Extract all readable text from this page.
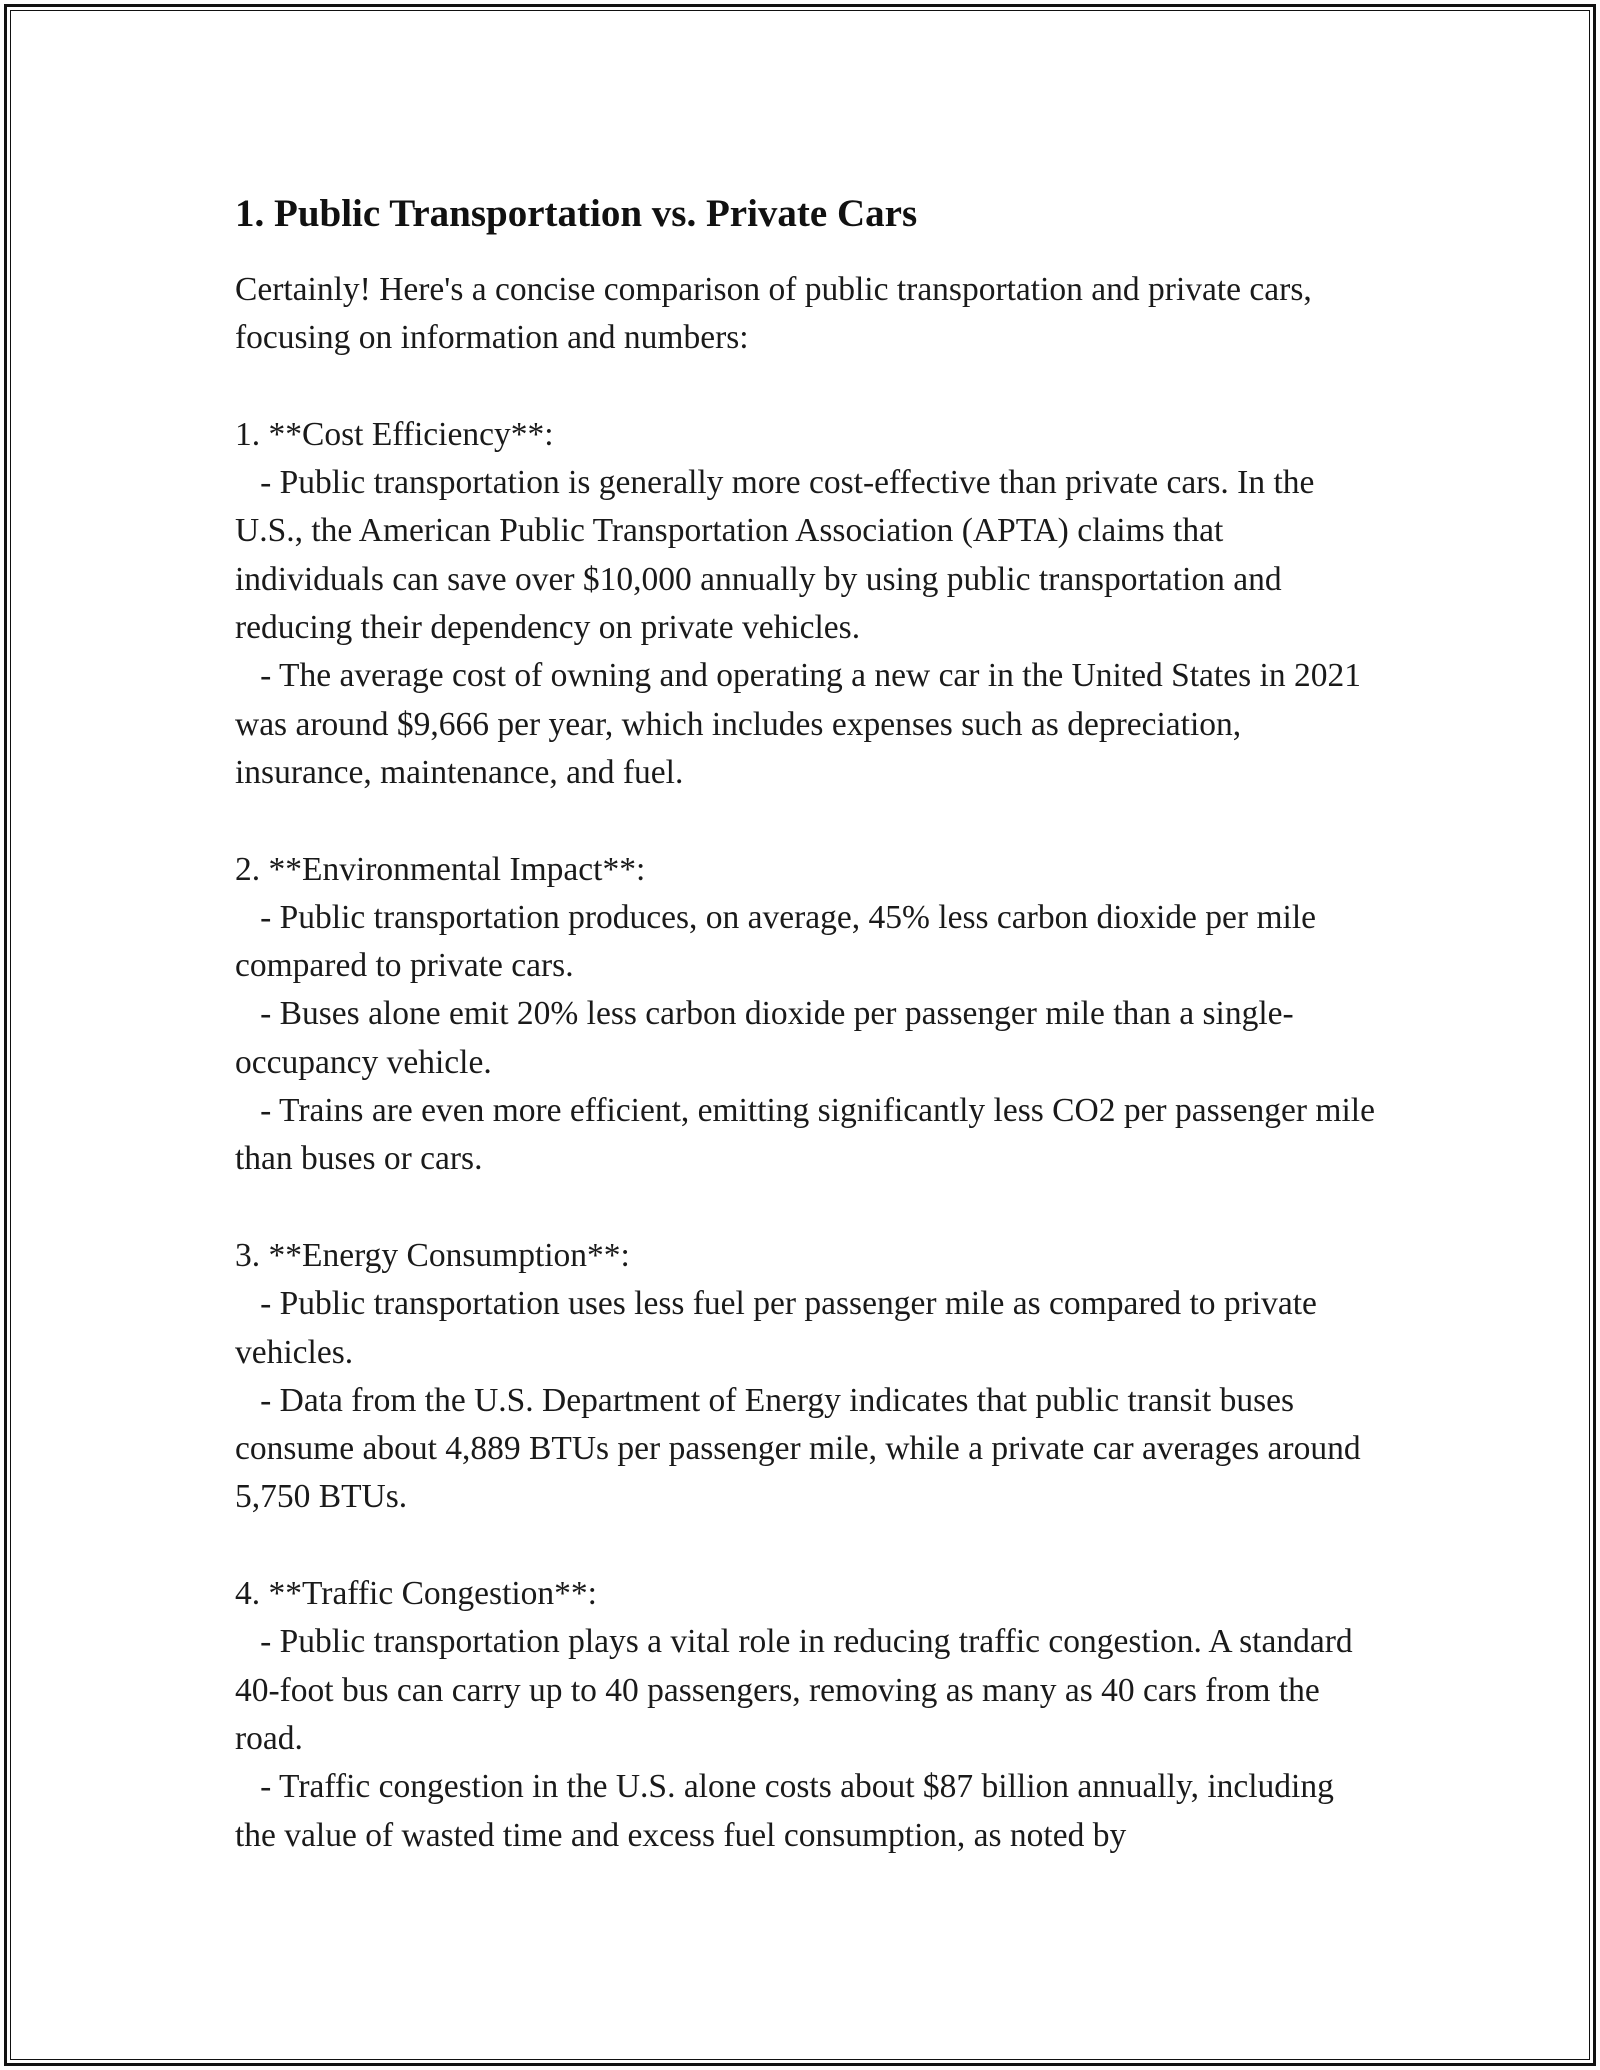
1. Public Transportation vs. Private Cars

Certainly! Here's a concise comparison of public transportation and private cars, focusing on information and numbers:

1. **Cost Efficiency**:

- Public transportation is generally more cost-effective than private cars. In the U.S., the American Public Transportation Association (APTA) claims that individuals can save over $10,000 annually by using public transportation and reducing their dependency on private vehicles.

- The average cost of owning and operating a new car in the United States in 2021 was around $9,666 per year, which includes expenses such as depreciation, insurance, maintenance, and fuel.

2. **Environmental Impact**:

- Public transportation produces, on average, 45% less carbon dioxide per mile compared to private cars.

- Buses alone emit 20% less carbon dioxide per passenger mile than a single-occupancy vehicle.

- Trains are even more efficient, emitting significantly less CO2 per passenger mile than buses or cars.

3. **Energy Consumption**:

- Public transportation uses less fuel per passenger mile as compared to private vehicles.

- Data from the U.S. Department of Energy indicates that public transit buses consume about 4,889 BTUs per passenger mile, while a private car averages around 5,750 BTUs.

4. **Traffic Congestion**:

- Public transportation plays a vital role in reducing traffic congestion. A standard 40-foot bus can carry up to 40 passengers, removing as many as 40 cars from the road.

- Traffic congestion in the U.S. alone costs about $87 billion annually, including the value of wasted time and excess fuel consumption, as noted by
